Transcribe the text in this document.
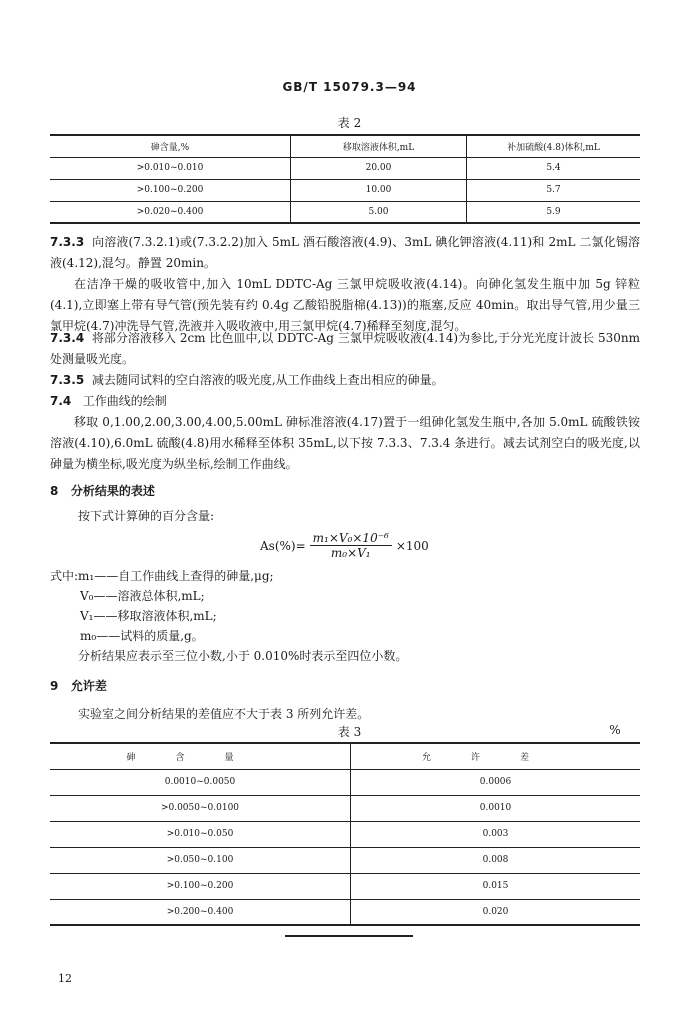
GB/T 15079.3—94
表 2
砷含量,%	移取溶液体积,mL	补加硫酸(4.8)体积,mL
>0.010~0.010	20.00	5.4
>0.100~0.200	10.00	5.7
>0.020~0.400	5.00	5.9
7.3.3 向溶液(7.3.2.1)或(7.3.2.2)加入 5mL 酒石酸溶液(4.9)、3mL 碘化钾溶液(4.11)和 2mL 二氯化锡溶液(4.12),混匀。静置 20min。
在洁净干燥的吸收管中,加入 10mL DDTC-Ag 三氯甲烷吸收液(4.14)。向砷化氢发生瓶中加 5g 锌粒(4.1),立即塞上带有导气管(预先装有约 0.4g 乙酸铅脱脂棉(4.13))的瓶塞,反应 40min。取出导气管,用少量三氯甲烷(4.7)冲洗导气管,洗液并入吸收液中,用三氯甲烷(4.7)稀释至刻度,混匀。
7.3.4 将部分溶液移入 2cm 比色皿中,以 DDTC-Ag 三氯甲烷吸收液(4.14)为参比,于分光光度计波长 530nm 处测量吸光度。
7.3.5 减去随同试料的空白溶液的吸光度,从工作曲线上查出相应的砷量。
7.4 工作曲线的绘制
移取 0,1.00,2.00,3.00,4.00,5.00mL 砷标准溶液(4.17)置于一组砷化氢发生瓶中,各加 5.0mL 硫酸铁铵溶液(4.10),6.0mL 硫酸(4.8)用水稀释至体积 35mL,以下按 7.3.3、7.3.4 条进行。减去试剂空白的吸光度,以砷量为横坐标,吸光度为纵坐标,绘制工作曲线。
8 分析结果的表述
按下式计算砷的百分含量:
$As(\%)= \frac{\text{m₁×V₀×10⁻⁶}}{\text{m₀×V₁}} \times 100$
式中:m₁——自工作曲线上查得的砷量,μg;
V₀——溶液总体积,mL;
V₁——移取溶液体积,mL;
m₀——试料的质量,g。
分析结果应表示至三位小数,小于 0.010%时表示至四位小数。
9 允许差
实验室之间分析结果的差值应不大于表 3 所列允许差。
表 3	%
砷含量	允许差
0.0010~0.0050	0.0006
>0.0050~0.0100	0.0010
>0.010~0.050	0.003
>0.050~0.100	0.008
>0.100~0.200	0.015
>0.200~0.400	0.020
12
